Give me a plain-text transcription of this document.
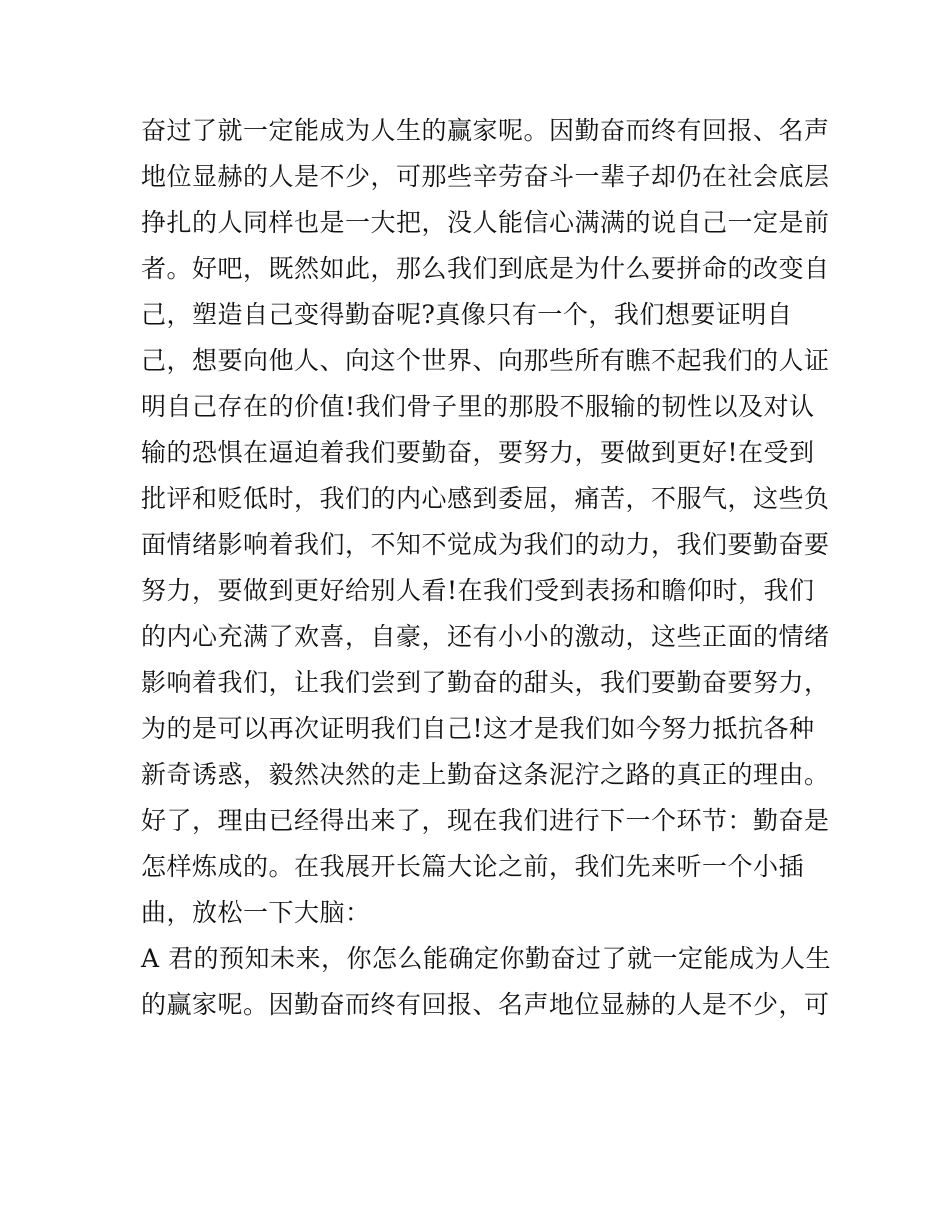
奋过了就一定能成为人生的赢家呢。因勤奋而终有回报、名声
地位显赫的人是不少，可那些辛劳奋斗一辈子却仍在社会底层
挣扎的人同样也是一大把，没人能信心满满的说自己一定是前
者。好吧，既然如此，那么我们到底是为什么要拼命的改变自
己，塑造自己变得勤奋呢?真像只有一个，我们想要证明自
己，想要向他人、向这个世界、向那些所有瞧不起我们的人证
明自己存在的价值!我们骨子里的那股不服输的韧性以及对认
输的恐惧在逼迫着我们要勤奋，要努力，要做到更好!在受到
批评和贬低时，我们的内心感到委屈，痛苦，不服气，这些负
面情绪影响着我们，不知不觉成为我们的动力，我们要勤奋要
努力，要做到更好给别人看!在我们受到表扬和瞻仰时，我们
的内心充满了欢喜，自豪，还有小小的激动，这些正面的情绪
影响着我们，让我们尝到了勤奋的甜头，我们要勤奋要努力，
为的是可以再次证明我们自己!这才是我们如今努力抵抗各种
新奇诱惑，毅然决然的走上勤奋这条泥泞之路的真正的理由。
好了，理由已经得出来了，现在我们进行下一个环节：勤奋是
怎样炼成的。在我展开长篇大论之前，我们先来听一个小插
曲，放松一下大脑：
A 君的预知未来，你怎么能确定你勤奋过了就一定能成为人生
的赢家呢。因勤奋而终有回报、名声地位显赫的人是不少，可
